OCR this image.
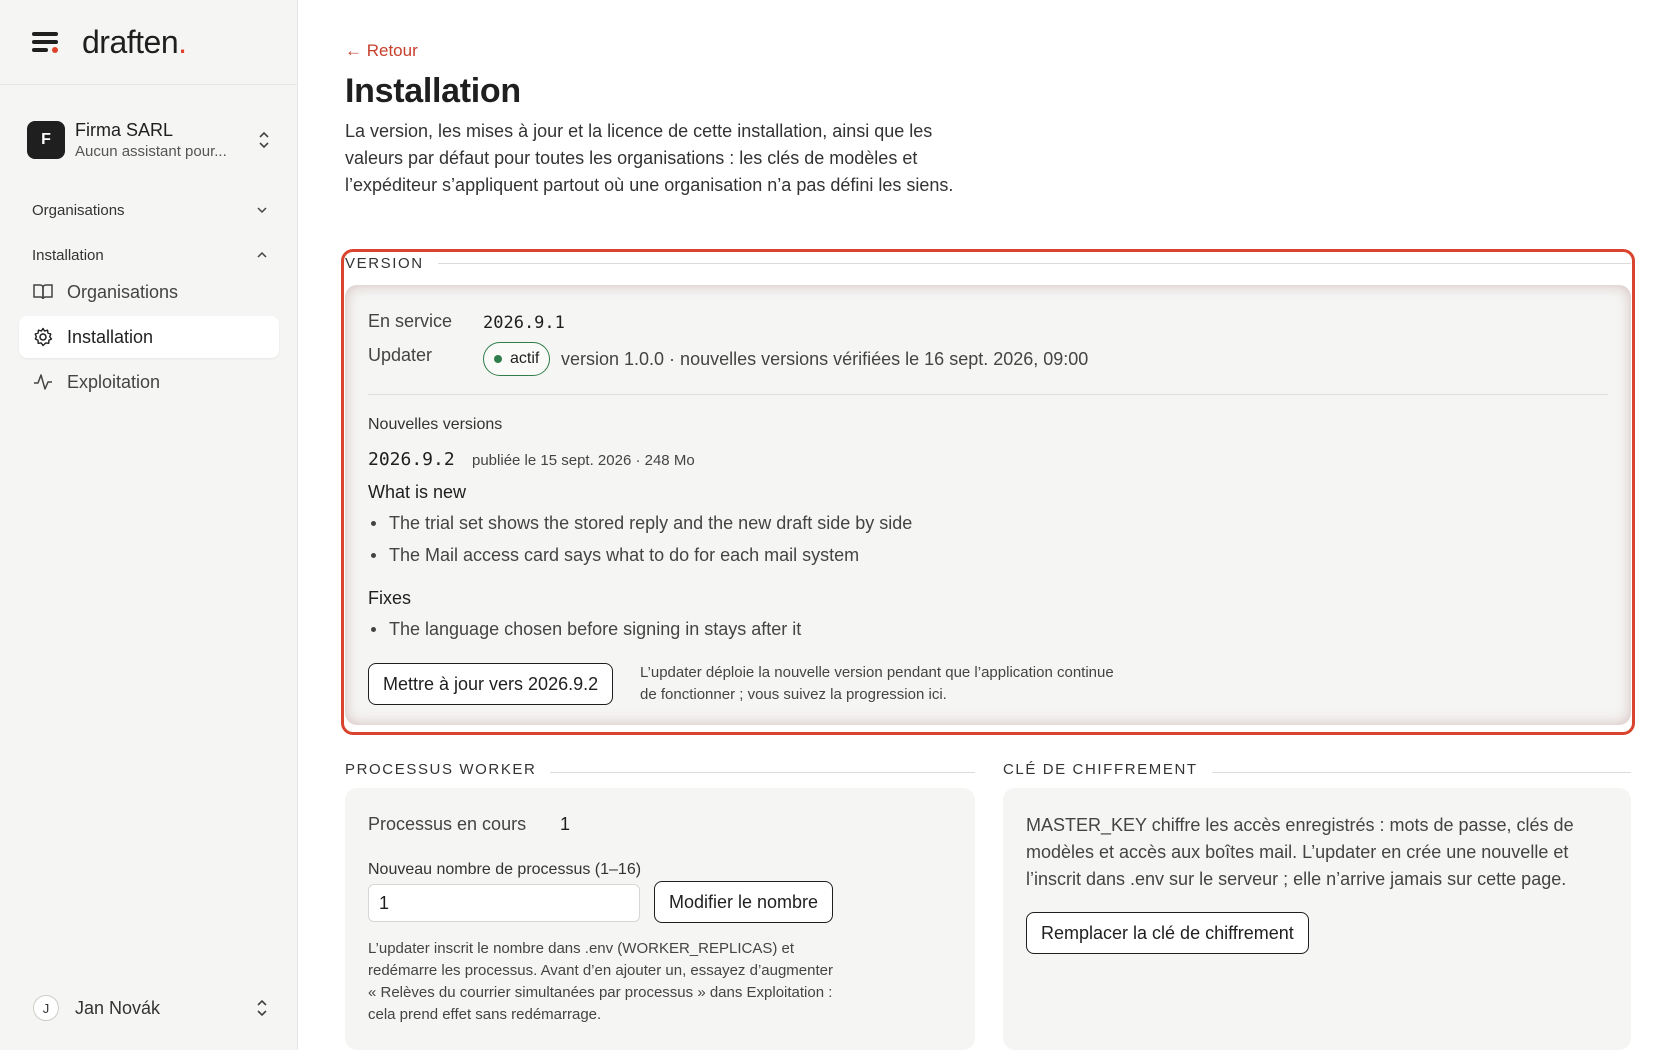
draften.
F	Firma SARL
Aucun assistant pour...
Organisations
Installation
Organisations
Installation
Exploitation
J	Jan Novák
← Retour
Installation

La version, les mises à jour et la licence de cette installation, ainsi que les valeurs par défaut pour toutes les organisations : les clés de modèles et l’expéditeur s’appliquent partout où une organisation n’a pas défini les siens.

VERSION
En service 2026.9.1
Updater	actif version 1.0.0 · nouvelles versions vérifiées le 16 sept. 2026, 09:00
Nouvelles versions
2026.9.2 publiée le 15 sept. 2026 · 248 Mo
What is new
The trial set shows the stored reply and the new draft side by side
The Mail access card says what to do for each mail system
Fixes
The language chosen before signing in stays after it
Mettre à jour vers 2026.9.2
L’updater déploie la nouvelle version pendant que l’application continue
de fonctionner ; vous suivez la progression ici.
PROCESSUS WORKER
Processus en cours 1
Nouveau nombre de processus (1–16)
1	Modifier le nombre
L’updater inscrit le nombre dans .env (WORKER_REPLICAS) et
redémarre les processus. Avant d’en ajouter un, essayez d’augmenter
« Relèves du courrier simultanées par processus » dans Exploitation :
cela prend effet sans redémarrage.
CLÉ DE CHIFFREMENT
MASTER_KEY chiffre les accès enregistrés : mots de passe, clés de modèles et accès aux boîtes mail. L’updater en crée une nouvelle et l’inscrit dans .env sur le serveur ; elle n’arrive jamais sur cette page.
Remplacer la clé de chiffrement
